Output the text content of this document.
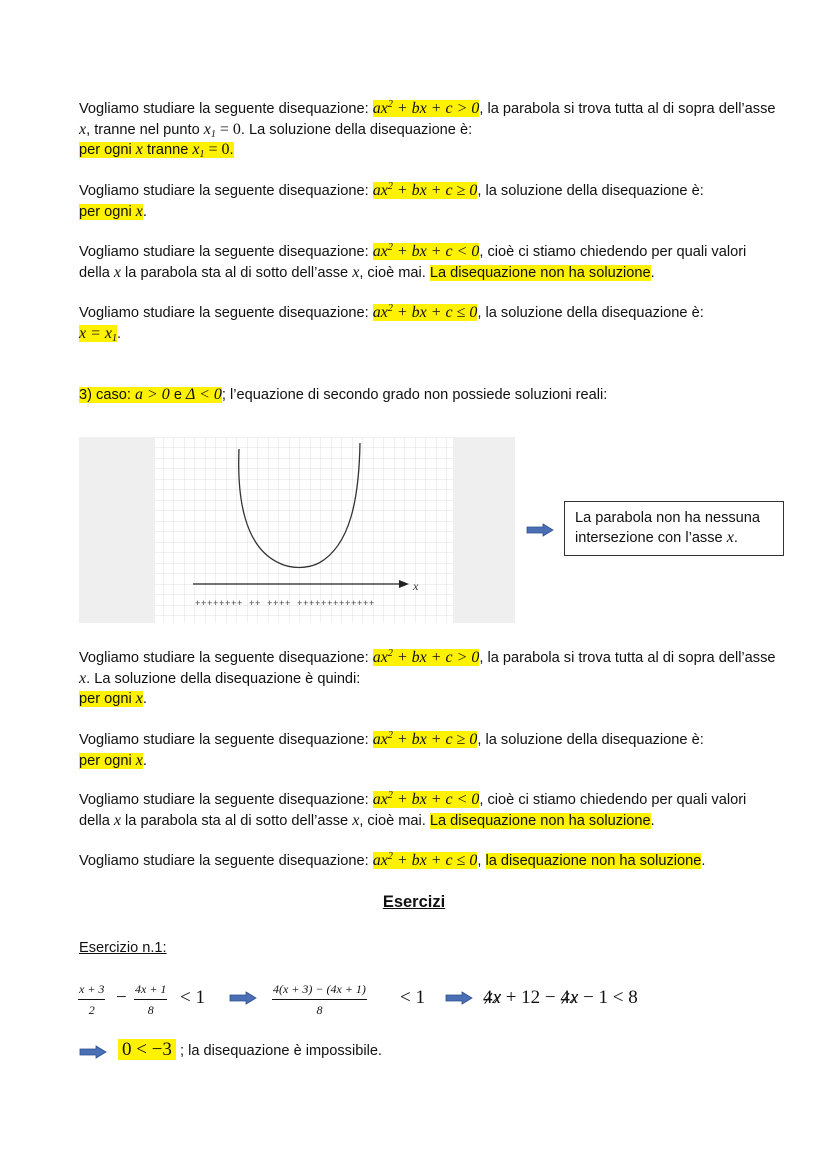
Vogliamo studiare la seguente disequazione: $ax^2$ + bx + c > 0, la parabola si trova tutta al di sopra dell’asse x, tranne nel punto $x_1 = 0$. La soluzione della disequazione è:
per ogni x tranne $x_1 = 0$.
Vogliamo studiare la seguente disequazione: $ax^2$ + bx + c ≥ 0, la soluzione della disequazione è:
per ogni x.
Vogliamo studiare la seguente disequazione: $ax^2$ + bx + c < 0, cioè ci stiamo chiedendo per quali valori della x la parabola sta al di sotto dell’asse x, cioè mai. La disequazione non ha soluzione.
Vogliamo studiare la seguente disequazione: $ax^2$ + bx + c ≤ 0, la soluzione della disequazione è:
$x = x_1$.
3) caso: a > 0 e Δ < 0; l’equazione di secondo grado non possiede soluzioni reali:
x
++++++++ ++ ++++ +++++++++++++
La parabola non ha nessuna
intersezione con l’asse x.
Vogliamo studiare la seguente disequazione: $ax^2$ + bx + c > 0, la parabola si trova tutta al di sopra dell’asse x. La soluzione della disequazione è quindi:
per ogni x.
Vogliamo studiare la seguente disequazione: $ax^2$ + bx + c ≥ 0, la soluzione della disequazione è:
per ogni x.
Vogliamo studiare la seguente disequazione: $ax^2$ + bx + c < 0, cioè ci stiamo chiedendo per quali valori della x la parabola sta al di sotto dell’asse x, cioè mai. La disequazione non ha soluzione.
Vogliamo studiare la seguente disequazione: $ax^2$ + bx + c ≤ 0, la disequazione non ha soluzione.
Esercizi
Esercizio n.1:
$\frac{x + 3}{2} - \frac{4x + 1}{8} < 1$	$\frac{4(x + 3) - (4x + 1)}{8} < 1$	4x + 12 − 4x − 1 < 8
0 < −3 ; la disequazione è impossibile.
